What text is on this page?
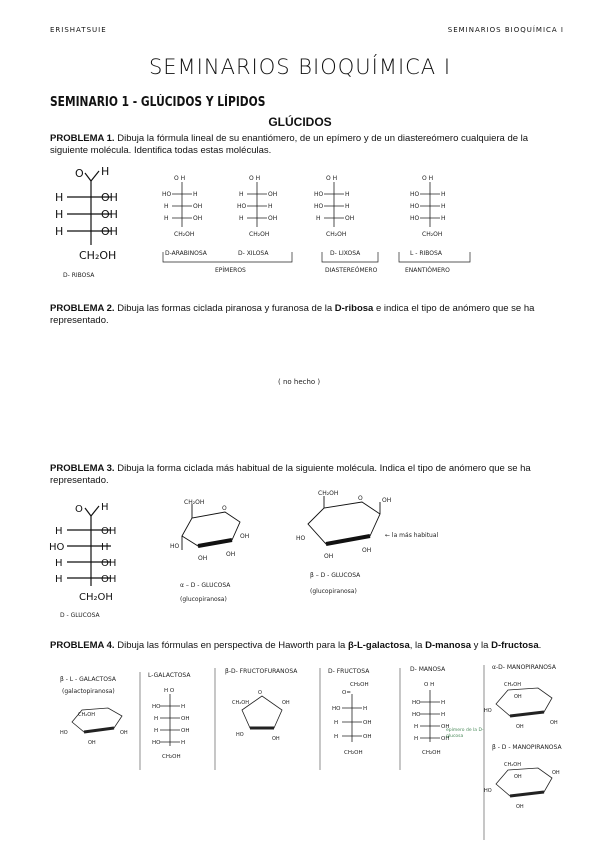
ERISHATSUIE	SEMINARIOS BIOQUÍMICA I
SEMINARIOS BIOQUÍMICA I
SEMINARIO 1 - GLÚCIDOS Y LÍPIDOS
GLÚCIDOS
PROBLEMA 1. Dibuja la fórmula lineal de su enantiómero, de un epímero y de un diastereómero cualquiera de la siguiente molécula. Identifica todas estas moléculas.
O H
H	OH
H	OH
H	OH
CH₂OH
D- RIBOSA
O H
HO	H
H	OH
H	OH
CH₂OH
O H
H	OH
HO	H
H	OH
CH₂OH
O H
HO	H
HO	H
H	OH
CH₂OH
O H
HO	H
HO	H
HO	H
CH₂OH
D-ARABINOSA	D- XILOSA
EPÍMEROS
D- LIXOSA
DIASTEREÓMERO
L - RIBOSA
ENANTIÓMERO
PROBLEMA 2. Dibuja las formas ciclada piranosa y furanosa de la D-ribosa e indica el tipo de anómero que se ha representado.
( no hecho )
PROBLEMA 3. Dibuja la forma ciclada más habitual de la siguiente molécula. Indica el tipo de anómero que se ha representado.
O H
H	OH
HO	H
H	OH
H	OH
CH₂OH
D - GLUCOSA
CH₂OH
O
HO
OH
OH
OH
α – D - GLUCOSA
(glucopiranosa)
CH₂OH
O	OH
HO
OH
OH
← la más habitual
β – D - GLUCOSA
(glucopiranosa)
PROBLEMA 4. Dibuja las fórmulas en perspectiva de Haworth para la β-L-galactosa, la D-manosa y la D-fructosa.
β - L - GALACTOSA
(galactopiranosa)
CH₂OH
HO
OH
OH
L-GALACTOSA
H O
HO	H
H	OH
H	OH
HO	H
CH₂OH
β-D- FRUCTOFURANOSA
O
CH₂OH	OH
HO
OH
D- FRUCTOSA
CH₂OH
O=
HO	H
H	OH
H	OH
CH₂OH
D- MANOSA
O H
HO	H
HO	H
H	OH
H	OH
CH₂OH
epímero de la D-glucosa
α-D- MANOPIRANOSA
CH₂OH
HO
OH
OH
OH
β - D - MANOPIRANOSA
CH₂OH
OH
HO
OH
OH
